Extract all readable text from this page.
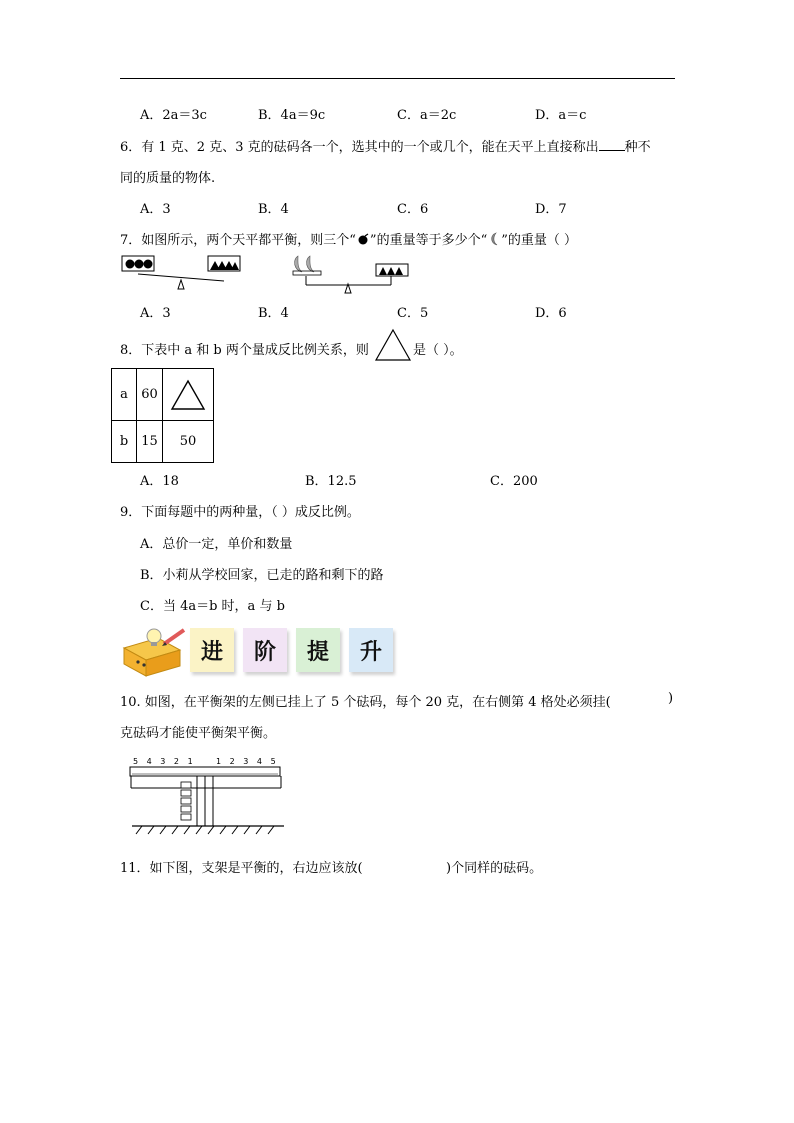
A．2a＝3c	B．4a＝9c	C．a＝2c	D．a＝c
6．有 1 克、2 克、3 克的砝码各一个，选其中的一个或几个，能在天平上直接称出 种不
同的质量的物体.
A．3	B．4	C．6	D．7
7．如图所示，两个天平都平衡，则三个“ ”的重量等于多少个“ ”的重量（ ）
A．3	B．4	C．5	D．6
8．下表中 a 和 b 两个量成反比例关系，则	是（ ）。
a	60	

b	15	50
A．18	B．12.5	C．200
9．下面每题中的两种量，（ ）成反比例。
A．总价一定，单价和数量
B．小莉从学校回家，已走的路和剩下的路
C．当 4a＝b 时，a 与 b
进 阶 提 升
10. 如图，在平衡架的左侧已挂上了 5 个砝码，每个 20 克，在右侧第 4 格处必须挂(	)
克砝码才能使平衡架平衡。
5 4 3 2 1	1 2 3 4 5
11．如下图，支架是平衡的，右边应该放(	)个同样的砝码。
